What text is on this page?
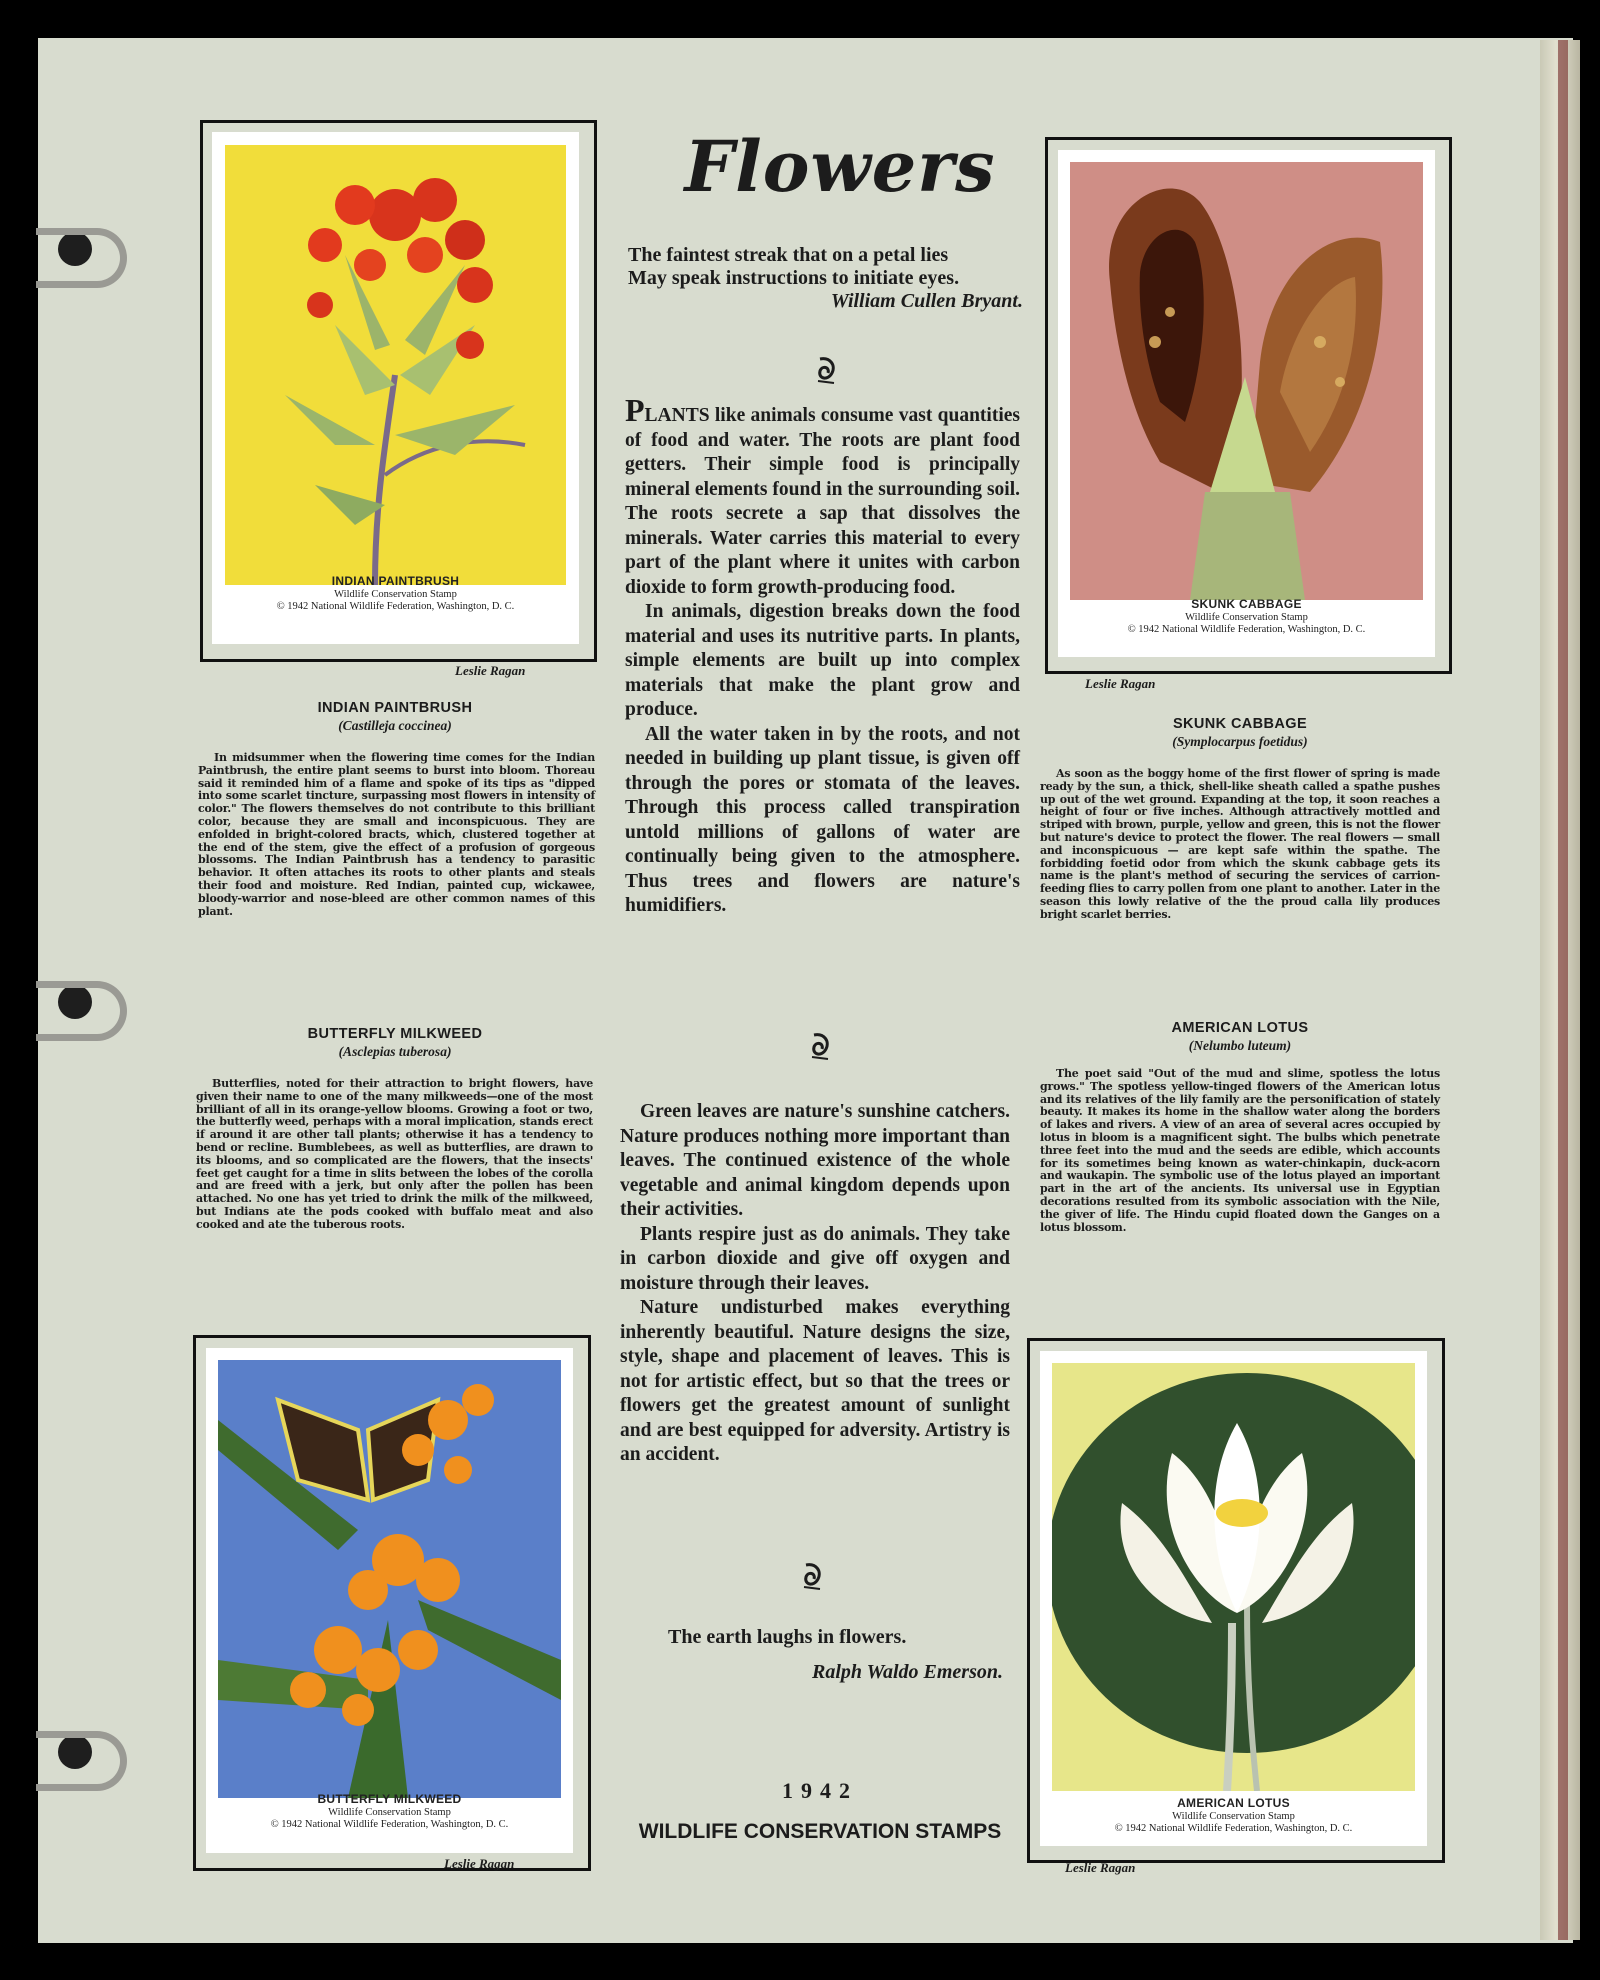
INDIAN PAINTBRUSH
Wildlife Conservation Stamp
© 1942 National Wildlife Federation, Washington, D. C.
Leslie Ragan
SKUNK CABBAGE
Wildlife Conservation Stamp
© 1942 National Wildlife Federation, Washington, D. C.
Leslie Ragan
BUTTERFLY MILKWEED
Wildlife Conservation Stamp
© 1942 National Wildlife Federation, Washington, D. C.
Leslie Ragan
AMERICAN LOTUS
Wildlife Conservation Stamp
© 1942 National Wildlife Federation, Washington, D. C.
Leslie Ragan
Flowers
The faintest streak that on a petal lies
May speak instructions to initiate eyes.
William Cullen Bryant.

PLANTS like animals consume vast quantities of food and water. The roots are plant food getters. Their simple food is principally mineral elements found in the surrounding soil. The roots secrete a sap that dissolves the minerals. Water carries this material to every part of the plant where it unites with carbon dioxide to form growth-producing food.

In animals, digestion breaks down the food material and uses its nutritive parts. In plants, simple elements are built up into complex materials that make the plant grow and produce.

All the water taken in by the roots, and not needed in building up plant tissue, is given off through the pores or stomata of the leaves. Through this process called transpiration untold millions of gallons of water are continually being given to the atmosphere. Thus trees and flowers are nature's humidifiers.

Green leaves are nature's sunshine catchers. Nature produces nothing more important than leaves. The continued existence of the whole vegetable and animal kingdom depends upon their activities.

Plants respire just as do animals. They take in carbon dioxide and give off oxygen and moisture through their leaves.

Nature undisturbed makes everything inherently beautiful. Nature designs the size, style, shape and placement of leaves. This is not for artistic effect, but so that the trees or flowers get the greatest amount of sunlight and are best equipped for adversity. Artistry is an accident.

The earth laughs in flowers.
Ralph Waldo Emerson.
1942
WILDLIFE CONSERVATION STAMPS
INDIAN PAINTBRUSH
(Castilleja coccinea)
In midsummer when the flowering time comes for the Indian Paintbrush, the entire plant seems to burst into bloom. Thoreau said it reminded him of a flame and spoke of its tips as "dipped into some scarlet tincture, surpassing most flowers in intensity of color." The flowers themselves do not contribute to this brilliant color, because they are small and inconspicuous. They are enfolded in bright-colored bracts, which, clustered together at the end of the stem, give the effect of a profusion of gorgeous blossoms. The Indian Paintbrush has a tendency to parasitic behavior. It often attaches its roots to other plants and steals their food and moisture. Red Indian, painted cup, wickawee, bloody-warrior and nose-bleed are other common names of this plant.
BUTTERFLY MILKWEED
(Asclepias tuberosa)
Butterflies, noted for their attraction to bright flowers, have given their name to one of the many milkweeds—one of the most brilliant of all in its orange-yellow blooms. Growing a foot or two, the butterfly weed, perhaps with a moral implication, stands erect if around it are other tall plants; otherwise it has a tendency to bend or recline. Bumblebees, as well as butterflies, are drawn to its blooms, and so complicated are the flowers, that the insects' feet get caught for a time in slits between the lobes of the corolla and are freed with a jerk, but only after the pollen has been attached. No one has yet tried to drink the milk of the milkweed, but Indians ate the pods cooked with buffalo meat and also cooked and ate the tuberous roots.
SKUNK CABBAGE
(Symplocarpus foetidus)
As soon as the boggy home of the first flower of spring is made ready by the sun, a thick, shell-like sheath called a spathe pushes up out of the wet ground. Expanding at the top, it soon reaches a height of four or five inches. Although attractively mottled and striped with brown, purple, yellow and green, this is not the flower but nature's device to protect the flower. The real flowers — small and inconspicuous — are kept safe within the spathe. The forbidding foetid odor from which the skunk cabbage gets its name is the plant's method of securing the services of carrion-feeding flies to carry pollen from one plant to another. Later in the season this lowly relative of the the proud calla lily produces bright scarlet berries.
AMERICAN LOTUS
(Nelumbo luteum)
The poet said "Out of the mud and slime, spotless the lotus grows." The spotless yellow-tinged flowers of the American lotus and its relatives of the lily family are the personification of stately beauty. It makes its home in the shallow water along the borders of lakes and rivers. A view of an area of several acres occupied by lotus in bloom is a magnificent sight. The bulbs which penetrate three feet into the mud and the seeds are edible, which accounts for its sometimes being known as water-chinkapin, duck-acorn and waukapin. The symbolic use of the lotus played an important part in the art of the ancients. Its universal use in Egyptian decorations resulted from its symbolic association with the Nile, the giver of life. The Hindu cupid floated down the Ganges on a lotus blossom.
